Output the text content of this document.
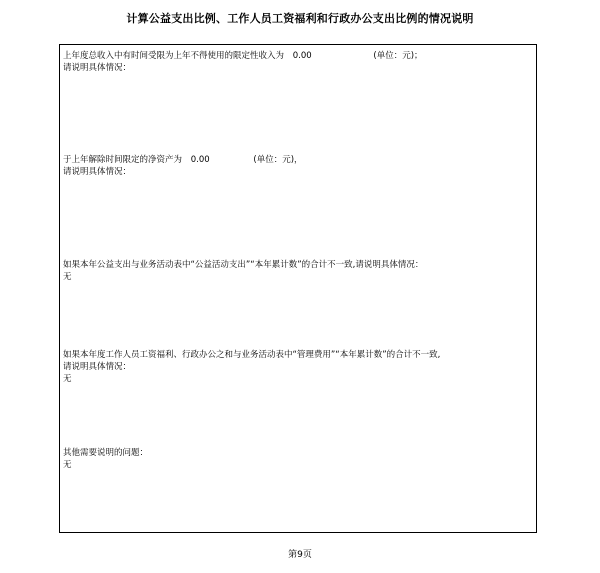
计算公益支出比例、工作人员工资福利和行政办公支出比例的情况说明
上年度总收入中有时间受限为上年不得使用的限定性收入为 0.00	(单位：元)；
请说明具体情况：
于上年解除时间限定的净资产为 0.00	(单位：元)，
请说明具体情况：
如果本年公益支出与业务活动表中“公益活动支出”“本年累计数”的合计不一致,请说明具体情况：
无
如果本年度工作人员工资福利、行政办公之和与业务活动表中“管理费用”“本年累计数”的合计不一致,
请说明具体情况：
无
其他需要说明的问题：
无
第9页
